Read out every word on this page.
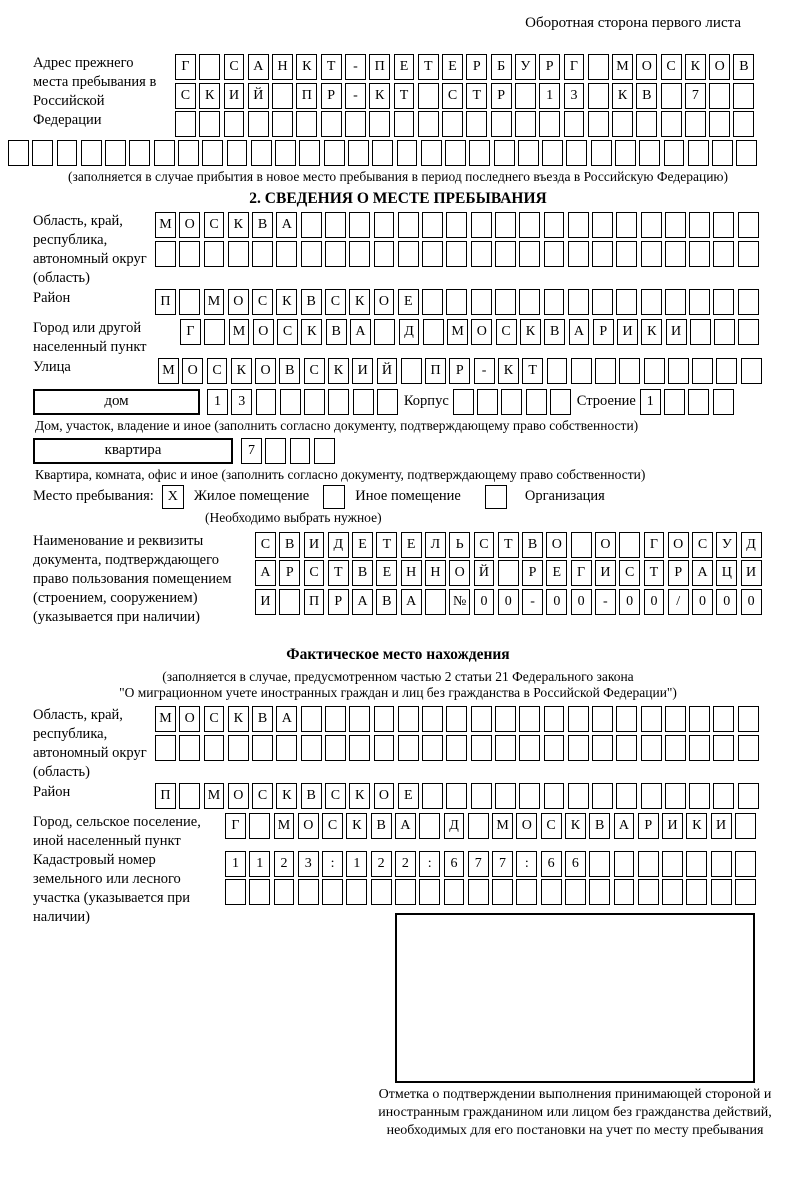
Оборотная сторона первого листа
Адрес прежнего места пребывания в Российской Федерации
Г	С	А	Н	К	Т	-	П	Е	Т	Е	Р	Б	У	Р	Г	М О	С	К	О	В
С	К	И	Й	П	Р	-	К	Т	С	Т	Р	1	3	К	В	7
(заполняется в случае прибытия в новое место пребывания в период последнего въезда в Российскую Федерацию)
2. СВЕДЕНИЯ О МЕСТЕ ПРЕБЫВАНИЯ
Область, край, республика, автономный округ (область)
М О	С	К	В	А
Район	П	М О	С	К	В	С	К	О	Е
Город или другой населенный пункт
Г	М О	С	К	В	А	Д	М О	С	К	В	А	Р	И	К	И
Улица	М О	С	К	О	В	С	К	И	Й	П	Р	-	К	Т
дом	1	3	Корпус	Строение 1
Дом, участок, владение и иное (заполнить согласно документу, подтверждающему право собственности)
квартира	7
Квартира, комната, офис и иное (заполнить согласно документу, подтверждающему право собственности)
Место пребывания: X	Жилое помещение	Иное помещение	Организация
(Необходимо выбрать нужное)
Наименование и реквизиты документа, подтверждающего право пользования помещением (строением, сооружением) (указывается при наличии)
С	В	И	Д	Е	Т	Е	Л	Ь	С	Т	В	О	О	Г	О	С	У	Д
А	Р	С	Т	В	Е	Н	Н	О	Й	Р	Е	Г	И	С	Т	Р	А	Ц	И
И	П	Р	А	В	А	№	0	0	-	0	0	-	0	0	/	0	0	0
Фактическое место нахождения
(заполняется в случае, предусмотренном частью 2 статьи 21 Федерального закона
"О миграционном учете иностранных граждан и лиц без гражданства в Российской Федерации")
Область, край, республика, автономный округ (область)
М О	С	К	В	А
Район	П	М О	С	К	В	С	К	О	Е
Город, сельское поселение, иной населенный пункт
Г	М О	С	К	В	А	Д	М О	С	К	В	А	Р	И	К	И
Кадастровый номер земельного или лесного участка (указывается при наличии)
1	1	2	3	:	1	2	2	:	6	7	7	:	6	6
Отметка о подтверждении выполнения принимающей стороной и иностранным гражданином или лицом без гражданства действий, необходимых для его постановки на учет по месту пребывания
